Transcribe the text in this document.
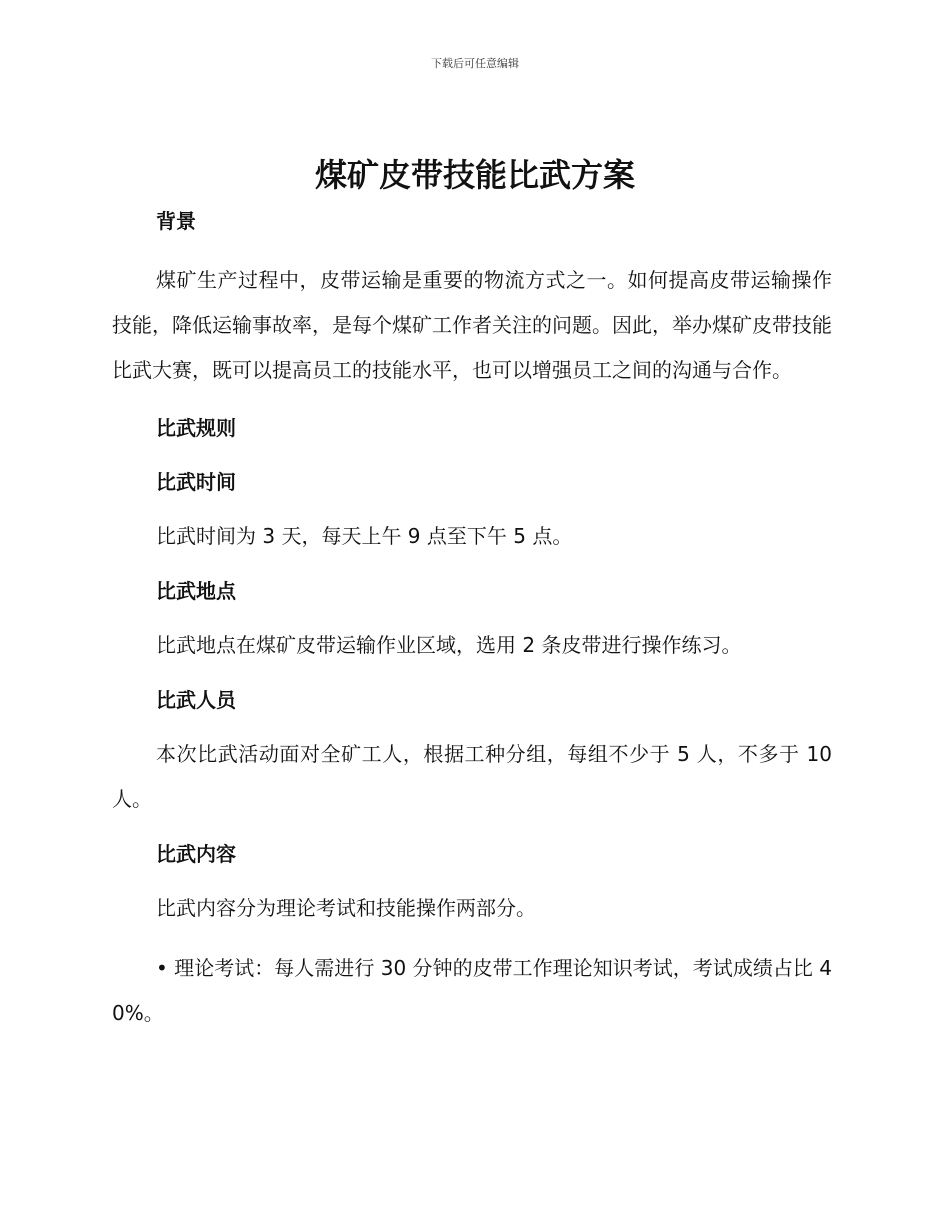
下载后可任意编辑
煤矿皮带技能比武方案

背景

煤矿生产过程中，皮带运输是重要的物流方式之一。如何提高皮带运输操作技能，降低运输事故率，是每个煤矿工作者关注的问题。因此，举办煤矿皮带技能比武大赛，既可以提高员工的技能水平，也可以增强员工之间的沟通与合作。

比武规则

比武时间

比武时间为 3 天，每天上午 9 点至下午 5 点。

比武地点

比武地点在煤矿皮带运输作业区域，选用 2 条皮带进行操作练习。

比武人员

本次比武活动面对全矿工人，根据工种分组，每组不少于 5 人，不多于 10 人。

比武内容

比武内容分为理论考试和技能操作两部分。

• 理论考试：每人需进行 30 分钟的皮带工作理论知识考试，考试成绩占比 40%。
